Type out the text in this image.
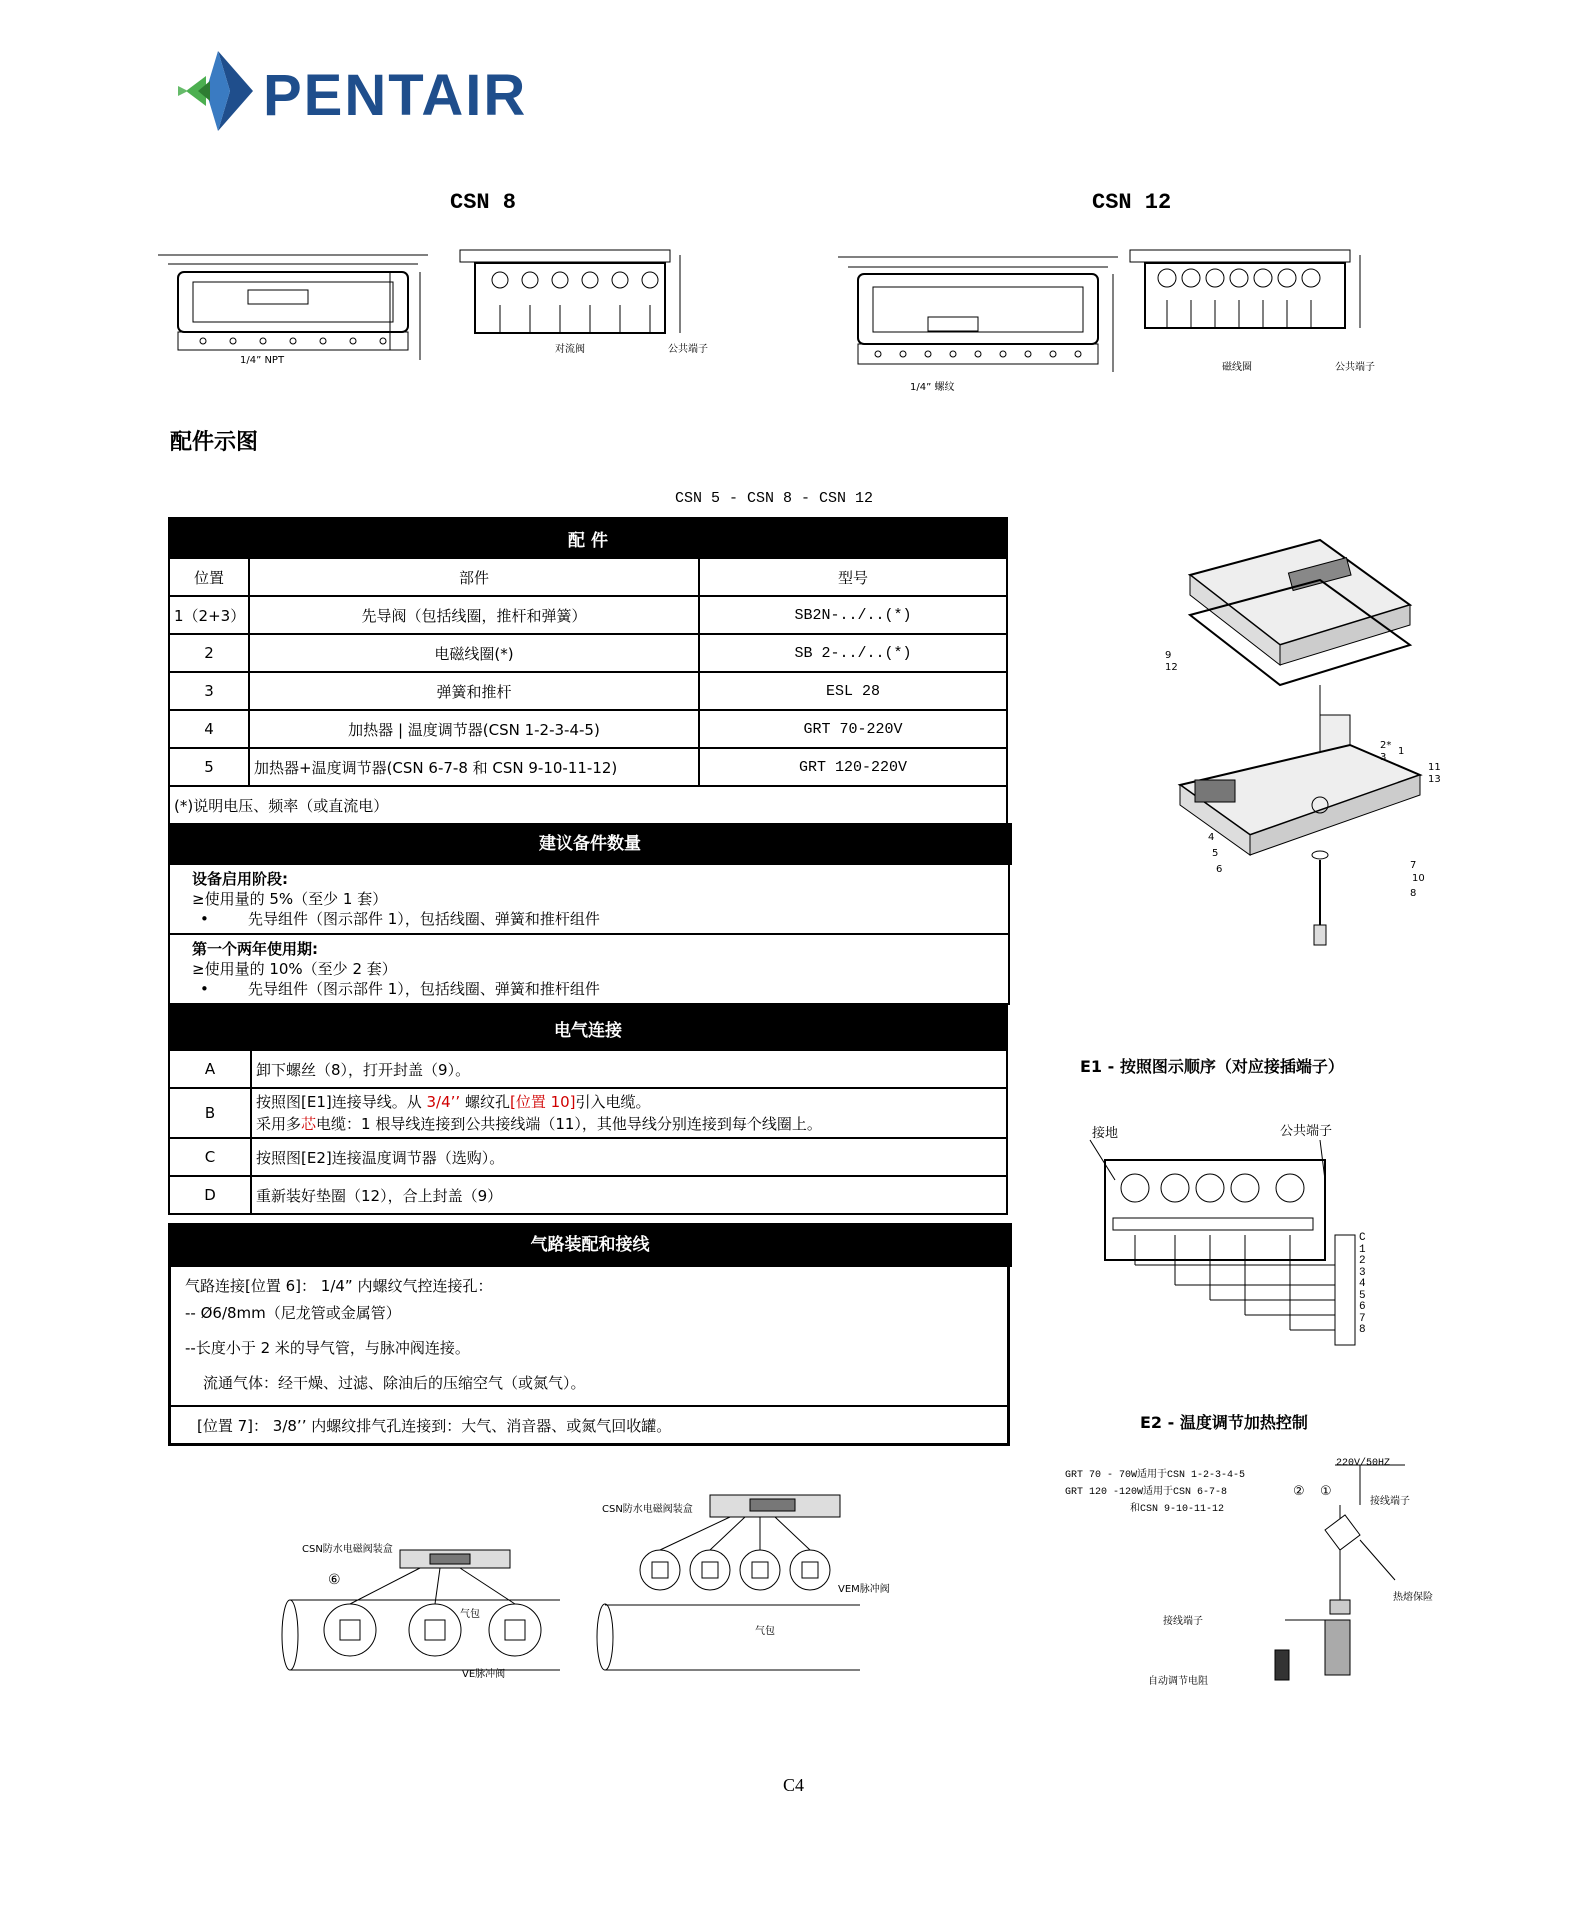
PENTAIR
CSN 8	CSN 12
1/4” NPT
对流阀	公共端子
1/4” 螺纹
磁线圈	公共端子
配件示图
CSN 5 - CSN 8 - CSN 12
配 件		
位置	部件	型号
1（2+3）	先导阀（包括线圈，推杆和弹簧）	SB2N-../..(*)
2	电磁线圈(*)	SB 2-../..(*)
3	弹簧和推杆	ESL 28
4	加热器 | 温度调节器(CSN 1-2-3-4-5)	GRT 70-220V
5	加热器+温度调节器(CSN 6-7-8 和 CSN 9-10-11-12)	GRT 120-220V
(*)说明电压、频率（或直流电）		
建议备件数量
设备启用阶段:
≥使用量的 5%（至少 1 套）
•	先导组件（图示部件 1），包括线圈、弹簧和推杆组件
第一个两年使用期:
≥使用量的 10%（至少 2 套）
•	先导组件（图示部件 1），包括线圈、弹簧和推杆组件
电气连接	
A	卸下螺丝（8），打开封盖（9）。
B	按照图[E1]连接导线。从 3/4’’ 螺纹孔[位置 10]引入电缆。
采用多芯电缆：1 根导线连接到公共接线端（11），其他导线分别连接到每个线圈上。
C	按照图[E2]连接温度调节器（选购）。
D	重新装好垫圈（12），合上封盖（9）
气路装配和接线
气路连接[位置 6]： 1/4” 内螺纹气控连接孔：
-- Ø6/8mm（尼龙管或金属管）
--长度小于 2 米的导气管，与脉冲阀连接。
流通气体：经干燥、过滤、除油后的压缩空气（或氮气）。
[位置 7]： 3/8’’ 内螺纹排气孔连接到：大气、消音器、或氮气回收罐。
9
12
2*
3
1
11
13
4
5
6	7
10
8
E1 - 按照图示顺序（对应接插端子）
接地	公共端子
C
1
2
3
4
5
6
7
8
E2 - 温度调节加热控制
GRT 70 - 70W适用于CSN 1-2-3-4-5
GRT 120 -120W适用于CSN 6-7-8
和CSN 9-10-11-12
220V/50HZ
② ①
接线端子
热熔保险
接线端子
自动调节电阻
CSN防水电磁阀装盒
⑥
气包
VE脉冲阀
CSN防水电磁阀装盒
VEM脉冲阀
气包
C4
